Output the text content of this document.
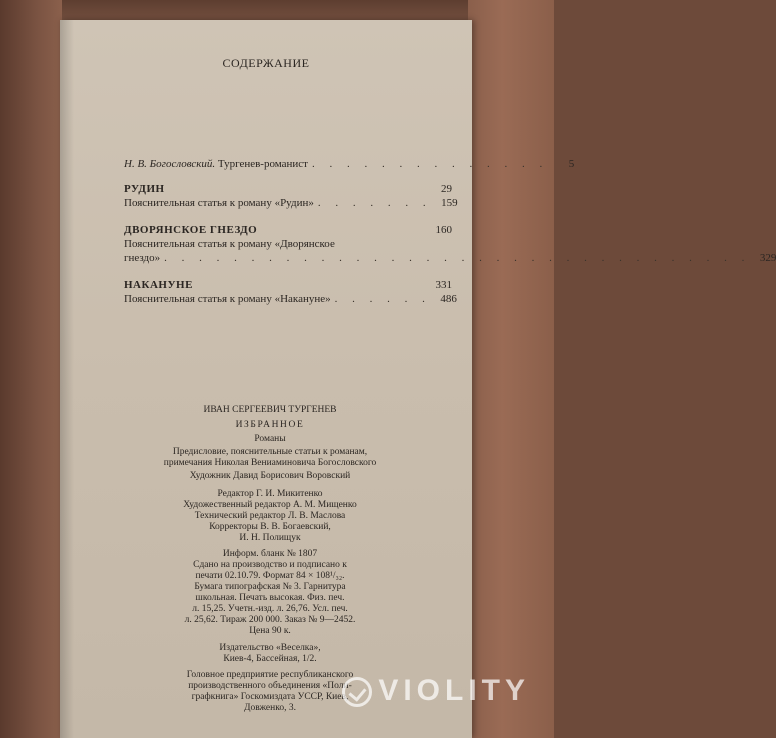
СОДЕРЖАНИЕ
Н. В. Богословский. Тургенев-романист . . . . . . . . . . . . . .	5
РУДИН	29
Пояснительная статья к роману «Рудин» . . . . . . . 159
ДВОРЯНСКОЕ ГНЕЗДО	160
Пояснительная статья к роману «Дворянское
гнездо» . . . . . . . . . . . . . . . . . . . . . . . . . . . . . . . . . . 329
НАКАНУНЕ	331
Пояснительная статья к роману «Накануне» . . . . . . 486
ИВАН СЕРГЕЕВИЧ ТУРГЕНЕВ
ИЗБРАННОЕ
Романы
Предисловие, пояснительные статьи к романам,
примечания Николая Вениаминовича Богословского
Художник Давид Борисович Воровский
Редактор Г. И. Микитенко
Художественный редактор А. М. Мищенко
Технический редактор Л. В. Маслова
Корректоры В. В. Богаевский,
И. Н. Полищук
Информ. бланк № 1807
Сдано на производство и подписано к
печати 02.10.79. Формат 84 × 108¹/₃₂.
Бумага типографская № 3. Гарнитура
школьная. Печать высокая. Физ. печ.
л. 15,25. Учетн.-изд. л. 26,76. Усл. печ.
л. 25,62. Тираж 200 000. Заказ № 9—2452.
Цена 90 к.
Издательство «Веселка»,
Киев-4, Бассейная, 1/2.
Головное предприятие республиканского
производственного объединения «Поли-
графкнига» Госкомиздата УССР, Киев,
Довженко, 3.
VIOLITY
